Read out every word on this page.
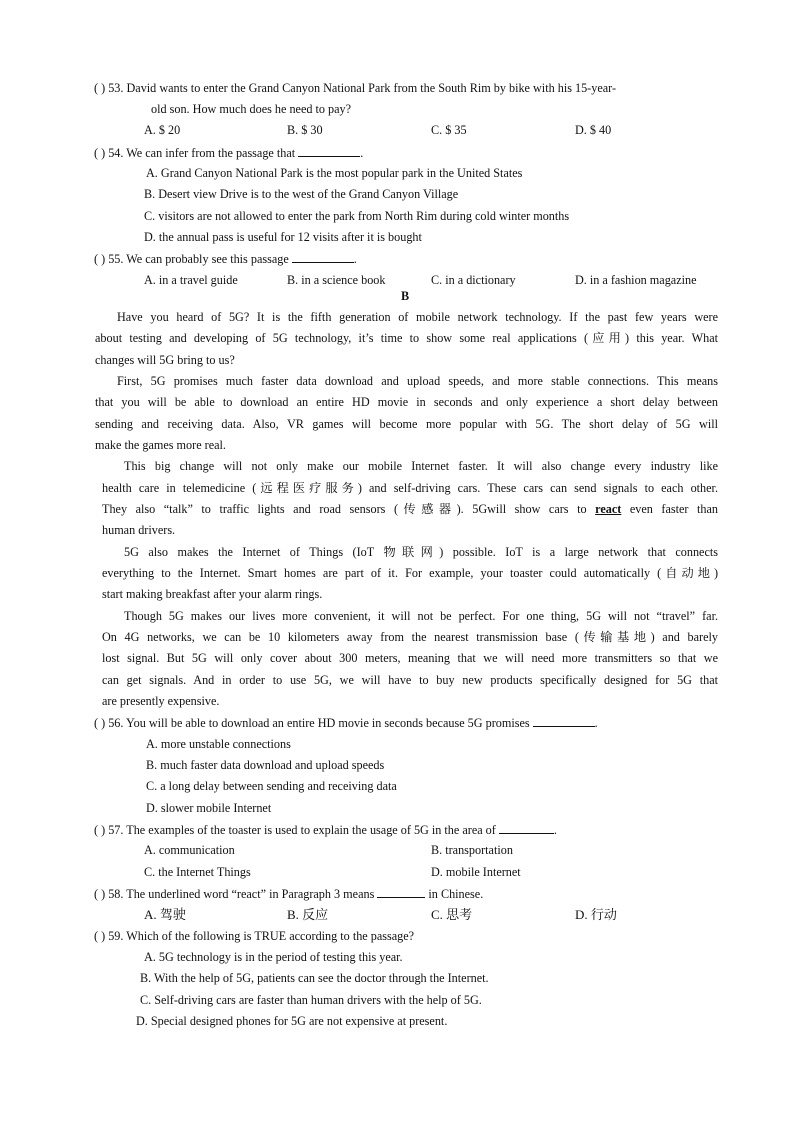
( ) 53. David wants to enter the Grand Canyon National Park from the South Rim by bike with his 15-year-
old son. How much does he need to pay?
A. $ 20	B. $ 30	C. $ 35	D. $ 40
( ) 54. We can infer from the passage that	.
A. Grand Canyon National Park is the most popular park in the United States
B. Desert view Drive is to the west of the Grand Canyon Village
C. visitors are not allowed to enter the park from North Rim during cold winter months
D. the annual pass is useful for 12 visits after it is bought
( ) 55. We can probably see this passage	.
A. in a travel guide	B. in a science book	C. in a dictionary	D. in a fashion magazine
B
Have you heard of 5G? It is the fifth generation of mobile network technology. If the past few years were
about testing and developing of 5G technology, it’s time to show some real applications (应用) this year. What
changes will 5G bring to us?
First, 5G promises much faster data download and upload speeds, and more stable connections. This means
that you will be able to download an entire HD movie in seconds and only experience a short delay between
sending and receiving data. Also, VR games will become more popular with 5G. The short delay of 5G will
make the games more real.
This big change will not only make our mobile Internet faster. It will also change every industry like
health care in telemedicine (远程医疗服务) and self-driving cars. These cars can send signals to each other.
They also “talk” to traffic lights and road sensors (传感器). 5Gwill show cars to react even faster than
human drivers.
5G also makes the Internet of Things (IoT 物联网) possible. IoT is a large network that connects
everything to the Internet. Smart homes are part of it. For example, your toaster could automatically (自动地)
start making breakfast after your alarm rings.
Though 5G makes our lives more convenient, it will not be perfect. For one thing, 5G will not “travel” far.
On 4G networks, we can be 10 kilometers away from the nearest transmission base (传输基地) and barely
lost signal. But 5G will only cover about 300 meters, meaning that we will need more transmitters so that we
can get signals. And in order to use 5G, we will have to buy new products specifically designed for 5G that
are presently expensive.
( ) 56. You will be able to download an entire HD movie in seconds because 5G promises	.
A. more unstable connections
B. much faster data download and upload speeds
C. a long delay between sending and receiving data
D. slower mobile Internet
( ) 57. The examples of the toaster is used to explain the usage of 5G in the area of	.
A. communication	B. transportation
C. the Internet Things	D. mobile Internet
( ) 58. The underlined word “react” in Paragraph 3 means	in Chinese.
A. 驾驶	B. 反应	C. 思考	D. 行动
( ) 59. Which of the following is TRUE according to the passage?
A. 5G technology is in the period of testing this year.
B. With the help of 5G, patients can see the doctor through the Internet.
C. Self-driving cars are faster than human drivers with the help of 5G.
D. Special designed phones for 5G are not expensive at present.
